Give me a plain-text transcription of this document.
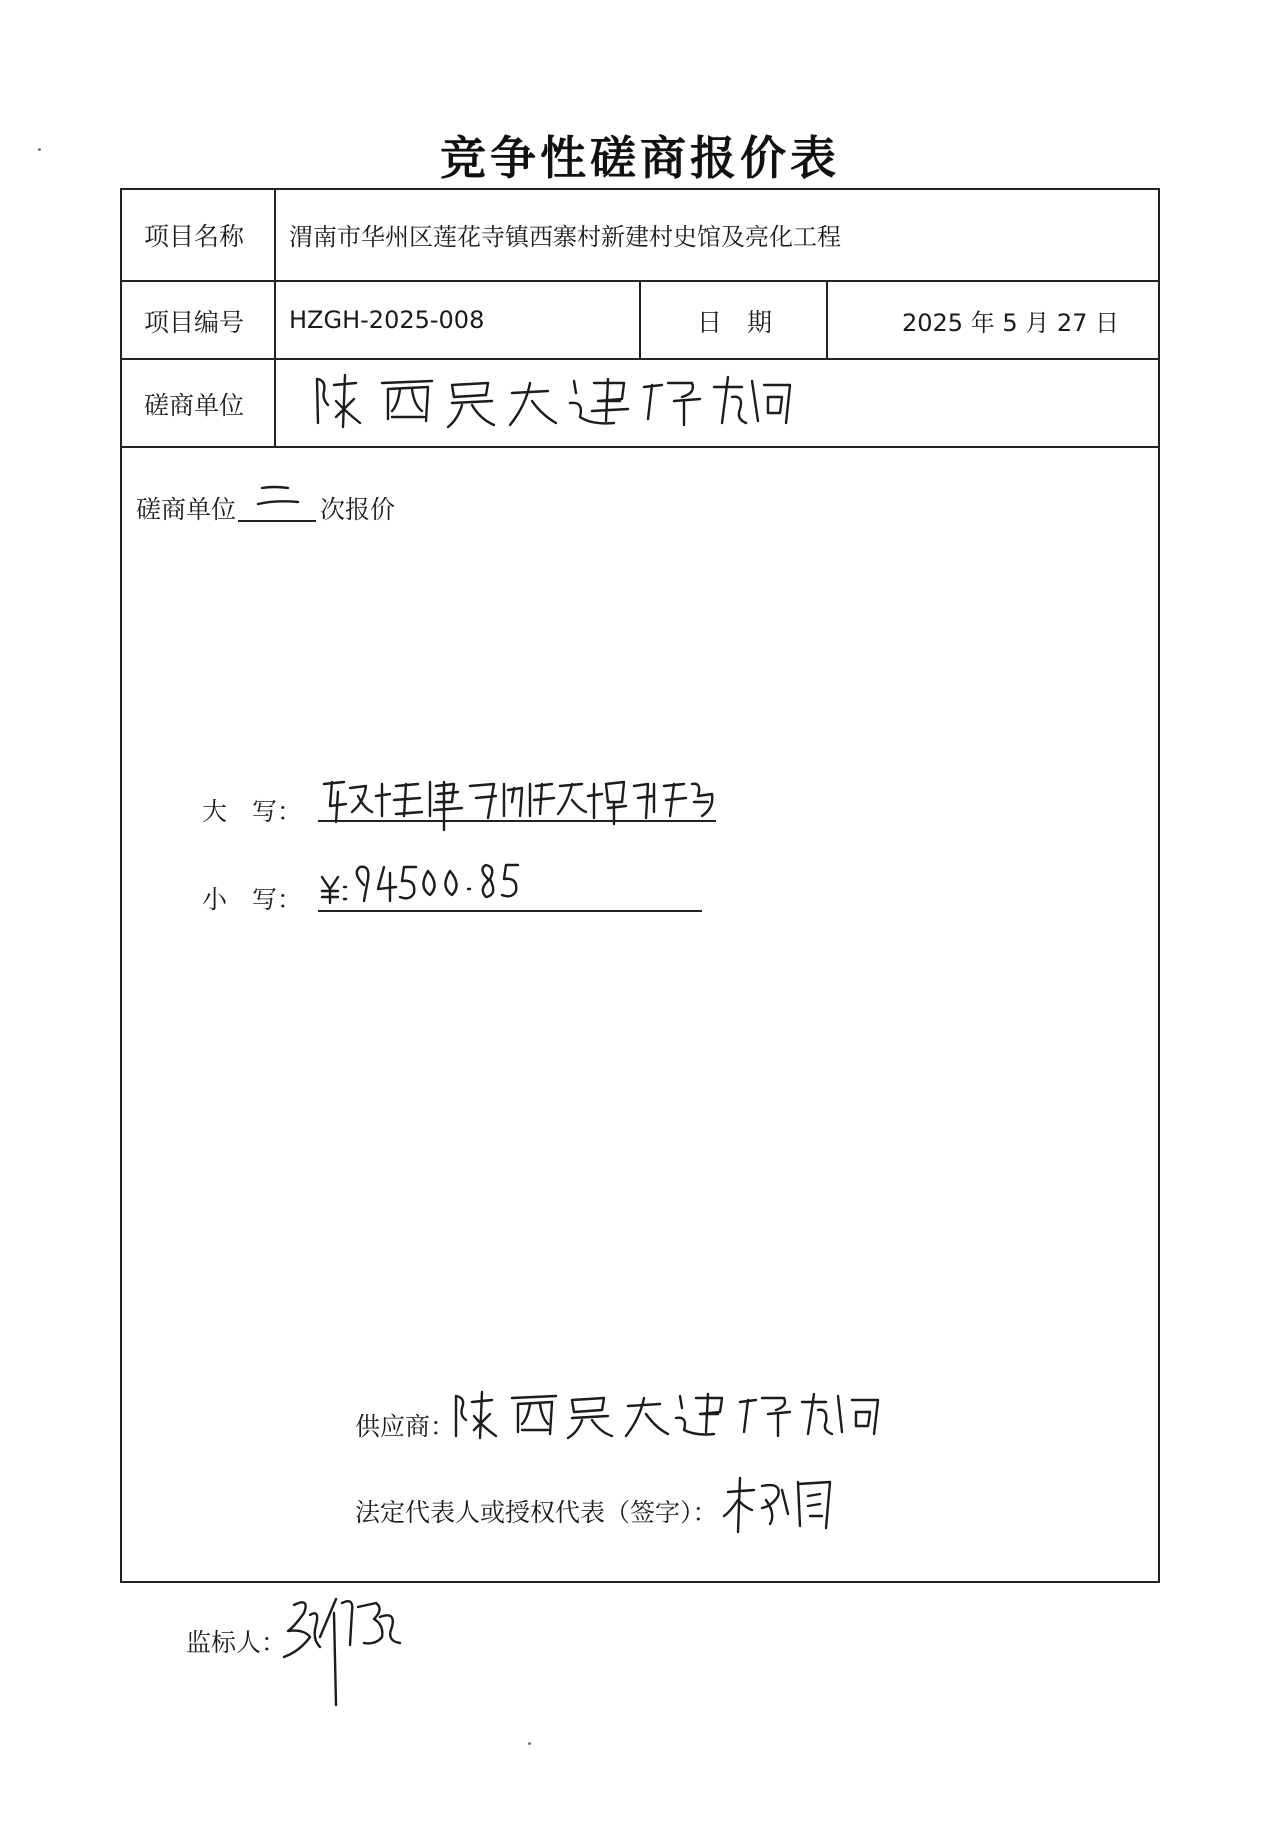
竞争性磋商报价表
项目名称 渭南市华州区莲花寺镇西寨村新建村史馆及亮化工程
项目编号 HZGH-2025-008	日　期	2025 年 5 月 27 日
磋商单位
磋商单位	次报价
大　写：
小　写：
供应商：
法定代表人或授权代表（签字）：
监标人：
